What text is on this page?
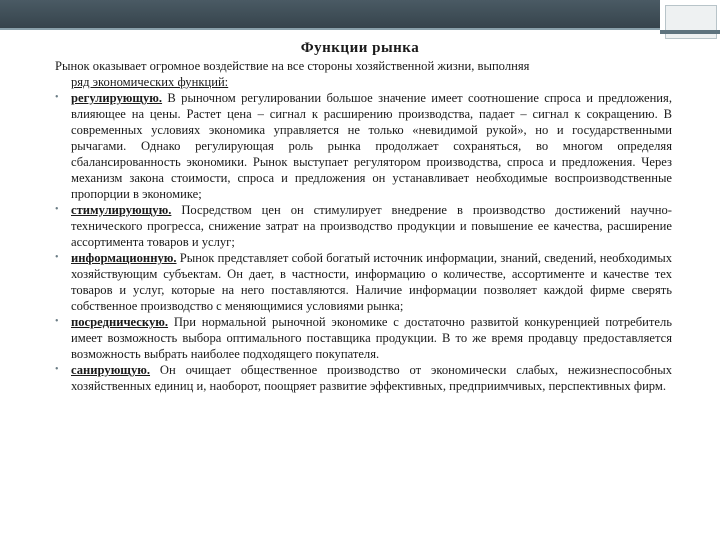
Функции рынка

Рынок оказывает огромное воздействие на все стороны хозяйственной жизни, выполняя
ряд экономических функций:

• регулирующую. В рыночном регулировании большое значение имеет соотношение спроса и предложения, влияющее на цены. Растет цена – сигнал к расширению производства, падает – сигнал к сокращению. В современных условиях экономика управляется не только «невидимой рукой», но и государственными рычагами. Однако регулирующая роль рынка продолжает сохраняться, во многом определяя сбалансированность экономики. Рынок выступает регулятором производства, спроса и предложения. Через механизм закона стоимости, спроса и предложения он устанавливает необходимые воспроизводственные пропорции в экономике;
• стимулирующую. Посредством цен он стимулирует внедрение в производство достижений научно- технического прогресса, снижение затрат на производство продукции и повышение ее качества, расширение ассортимента товаров и услуг;
• информационную. Рынок представляет собой богатый источник информации, знаний, сведений, необходимых хозяйствующим субъектам. Он дает, в частности, информацию о количестве, ассортименте и качестве тех товаров и услуг, которые на него поставляются. Наличие информации позволяет каждой фирме сверять собственное производство с меняющимися условиями рынка;
• посредническую. При нормальной рыночной экономике с достаточно развитой конкуренцией потребитель имеет возможность выбора оптимального поставщика продукции. В то же время продавцу предоставляется возможность выбрать наиболее подходящего покупателя.
• санирующую. Он очищает общественное производство от экономически слабых, нежизнеспособных хозяйственных единиц и, наоборот, поощряет развитие эффективных, предприимчивых, перспективных фирм.
